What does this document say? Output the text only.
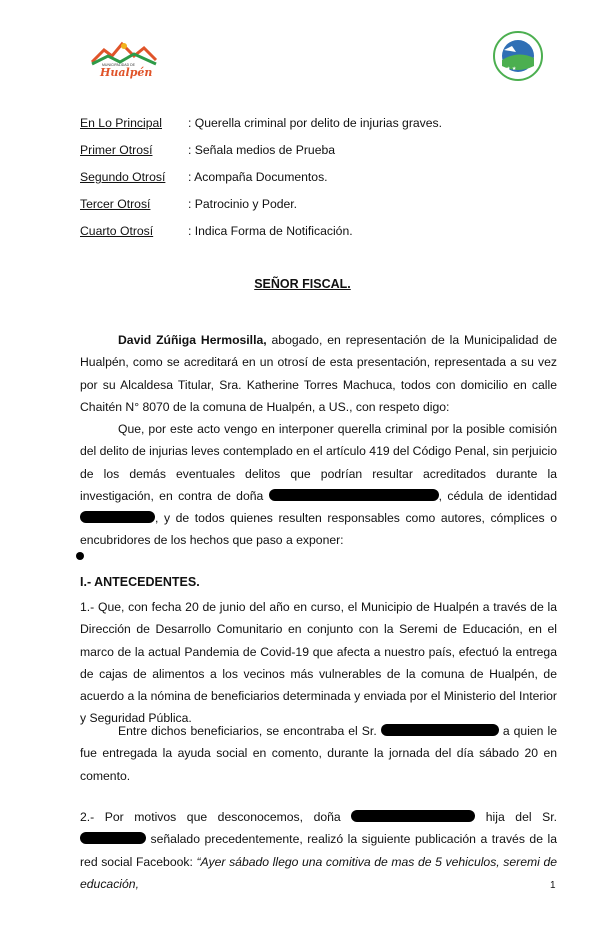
MUNICIPALIDAD DE
Hualpén	★ ★
En Lo Principal : Querella criminal por delito de injurias graves.
Primer Otrosí	: Señala medios de Prueba
Segundo Otrosí : Acompaña Documentos.
Tercer Otrosí	: Patrocinio y Poder.
Cuarto Otrosí	: Indica Forma de Notificación.
SEÑOR FISCAL.
David Zúñiga Hermosilla, abogado, en representación de la Municipalidad de Hualpén, como se acreditará en un otrosí de esta presentación, representada a su vez por su Alcaldesa Titular, Sra. Katherine Torres Machuca, todos con domicilio en calle Chaitén N° 8070 de la comuna de Hualpén, a US., con respeto digo:
Que, por este acto vengo en interponer querella criminal por la posible comisión del delito de injurias leves contemplado en el artículo 419 del Código Penal, sin perjuicio de los demás eventuales delitos que podrían resultar acreditados durante la investigación, en contra de doña	, cédula de identidad , y de todos quienes resulten responsables como autores, cómplices o encubridores de los hechos que paso a exponer:
I.- ANTECEDENTES.
1.- Que, con fecha 20 de junio del año en curso, el Municipio de Hualpén a través de la Dirección de Desarrollo Comunitario en conjunto con la Seremi de Educación, en el marco de la actual Pandemia de Covid-19 que afecta a nuestro país, efectuó la entrega de cajas de alimentos a los vecinos más vulnerables de la comuna de Hualpén, de acuerdo a la nómina de beneficiarios determinada y enviada por el Ministerio del Interior y Seguridad Pública.
Entre dichos beneficiarios, se encontraba el Sr.	a quien le fue entregada la ayuda social en comento, durante la jornada del día sábado 20 en comento.
2.- Por motivos que desconocemos, doña	hija del Sr.  señalado precedentemente, realizó la siguiente publicación a través de la red social Facebook: “Ayer sábado llego una comitiva de mas de 5 vehiculos, seremi de educación,	1
